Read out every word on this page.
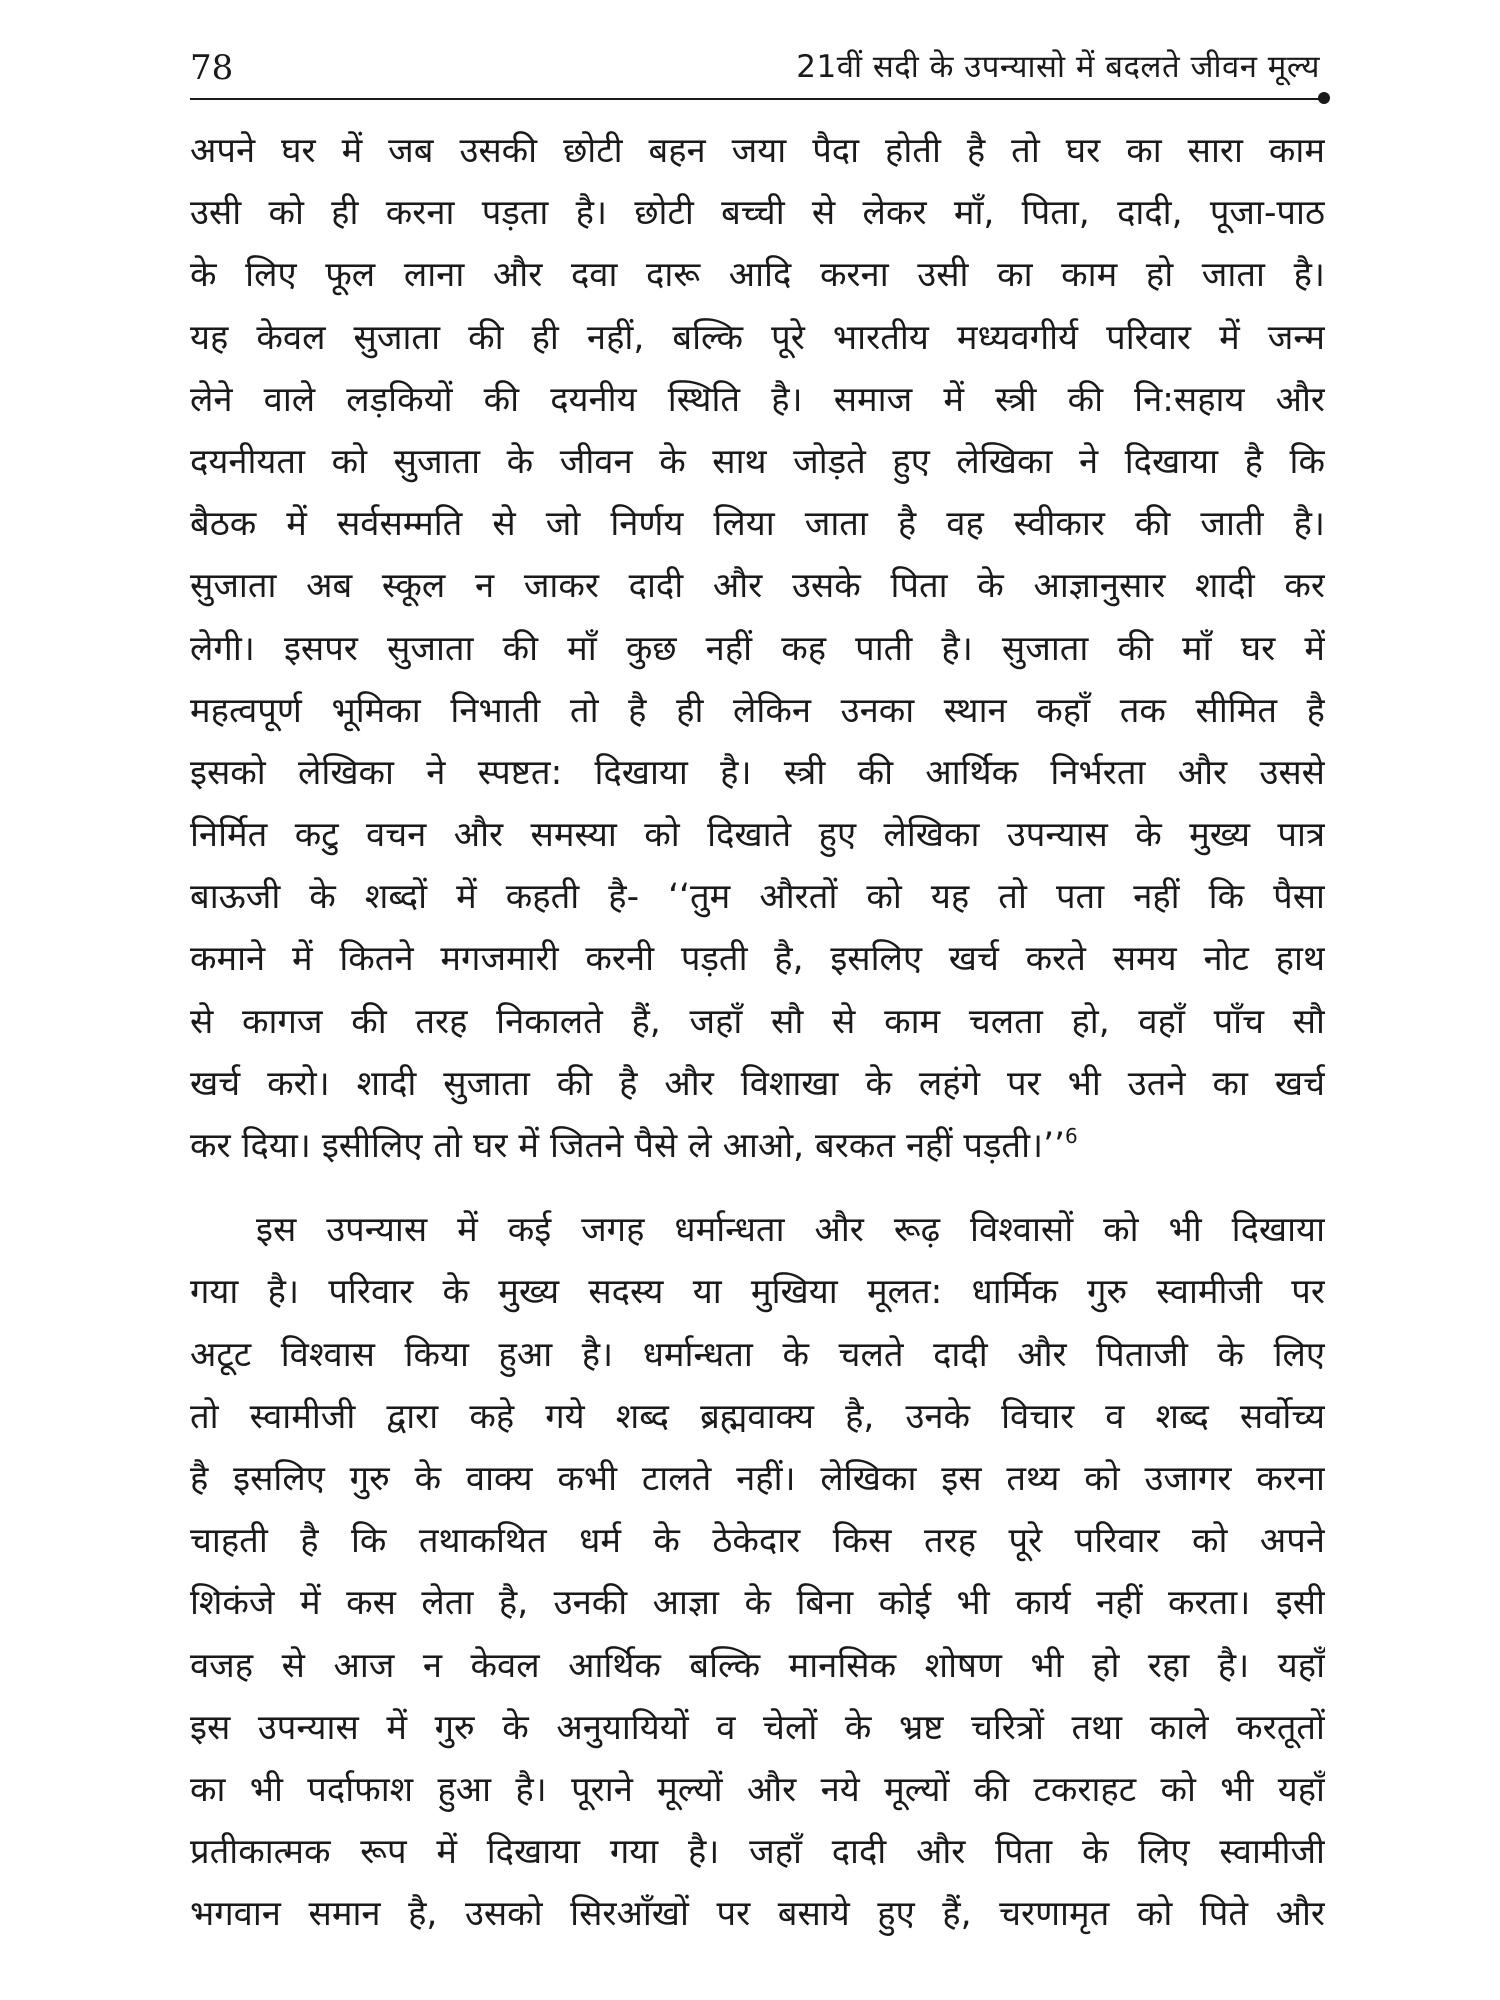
78	21वीं सदी के उपन्यासो में बदलते जीवन मूल्य
अपने घर में जब उसकी छोटी बहन जया पैदा होती है तो घर का सारा काम
उसी को ही करना पड़ता है। छोटी बच्ची से लेकर माँ, पिता, दादी, पूजा-पाठ
के लिए फूल लाना और दवा दारू आदि करना उसी का काम हो जाता है।
यह केवल सुजाता की ही नहीं, बल्कि पूरे भारतीय मध्यवगीर्य परिवार में जन्म
लेने वाले लड़कियों की दयनीय स्थिति है। समाज में स्त्री की नि:सहाय और
दयनीयता को सुजाता के जीवन के साथ जोड़ते हुए लेखिका ने दिखाया है कि
बैठक में सर्वसम्मति से जो निर्णय लिया जाता है वह स्वीकार की जाती है।
सुजाता अब स्कूल न जाकर दादी और उसके पिता के आज्ञानुसार शादी कर
लेगी। इसपर सुजाता की माँ कुछ नहीं कह पाती है। सुजाता की माँ घर में
महत्वपूर्ण भूमिका निभाती तो है ही लेकिन उनका स्थान कहाँ तक सीमित है
इसको लेखिका ने स्पष्टत: दिखाया है। स्त्री की आर्थिक निर्भरता और उससे
निर्मित कटु वचन और समस्या को दिखाते हुए लेखिका उपन्यास के मुख्य पात्र
बाऊजी के शब्दों में कहती है- ‘‘तुम औरतों को यह तो पता नहीं कि पैसा
कमाने में कितने मगजमारी करनी पड़ती है, इसलिए खर्च करते समय नोट हाथ
से कागज की तरह निकालते हैं, जहाँ सौ से काम चलता हो, वहाँ पाँच सौ
खर्च करो। शादी सुजाता की है और विशाखा के लहंगे पर भी उतने का खर्च
कर दिया। इसीलिए तो घर में जितने पैसे ले आओ, बरकत नहीं पड़ती।’’$^6$
इस उपन्यास में कई जगह धर्मान्धता और रूढ़ विश्वासों को भी दिखाया
गया है। परिवार के मुख्य सदस्य या मुखिया मूलत: धार्मिक गुरु स्वामीजी पर
अटूट विश्वास किया हुआ है। धर्मान्धता के चलते दादी और पिताजी के लिए
तो स्वामीजी द्वारा कहे गये शब्द ब्रह्मवाक्य है, उनके विचार व शब्द सर्वोच्य
है इसलिए गुरु के वाक्य कभी टालते नहीं। लेखिका इस तथ्य को उजागर करना
चाहती है कि तथाकथित धर्म के ठेकेदार किस तरह पूरे परिवार को अपने
शिकंजे में कस लेता है, उनकी आज्ञा के बिना कोई भी कार्य नहीं करता। इसी
वजह से आज न केवल आर्थिक बल्कि मानसिक शोषण भी हो रहा है। यहाँ
इस उपन्यास में गुरु के अनुयायियों व चेलों के भ्रष्ट चरित्रों तथा काले करतूतों
का भी पर्दाफाश हुआ है। पूराने मूल्यों और नये मूल्यों की टकराहट को भी यहाँ
प्रतीकात्मक रूप में दिखाया गया है। जहाँ दादी और पिता के लिए स्वामीजी
भगवान समान है, उसको सिरआँखों पर बसाये हुए हैं, चरणामृत को पिते और
